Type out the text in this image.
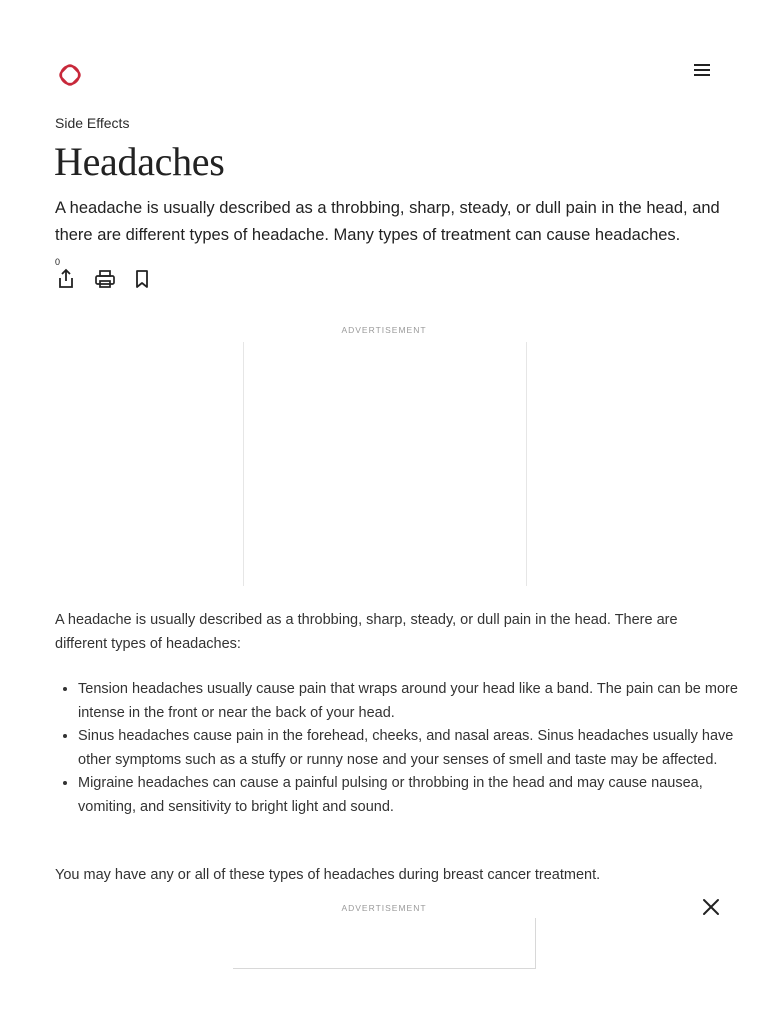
Side Effects
Headaches

A headache is usually described as a throbbing, sharp, steady, or dull pain in the head, and there are different types of headache. Many types of treatment can cause headaches.

0
ADVERTISEMENT

A headache is usually described as a throbbing, sharp, steady, or dull pain in the head. There are different types of headaches:

• Tension headaches usually cause pain that wraps around your head like a band. The pain can be more intense in the front or near the back of your head.
• Sinus headaches cause pain in the forehead, cheeks, and nasal areas. Sinus headaches usually have other symptoms such as a stuffy or runny nose and your senses of smell and taste may be affected.
• Migraine headaches can cause a painful pulsing or throbbing in the head and may cause nausea, vomiting, and sensitivity to bright light and sound.

You may have any or all of these types of headaches during breast cancer treatment.

ADVERTISEMENT
